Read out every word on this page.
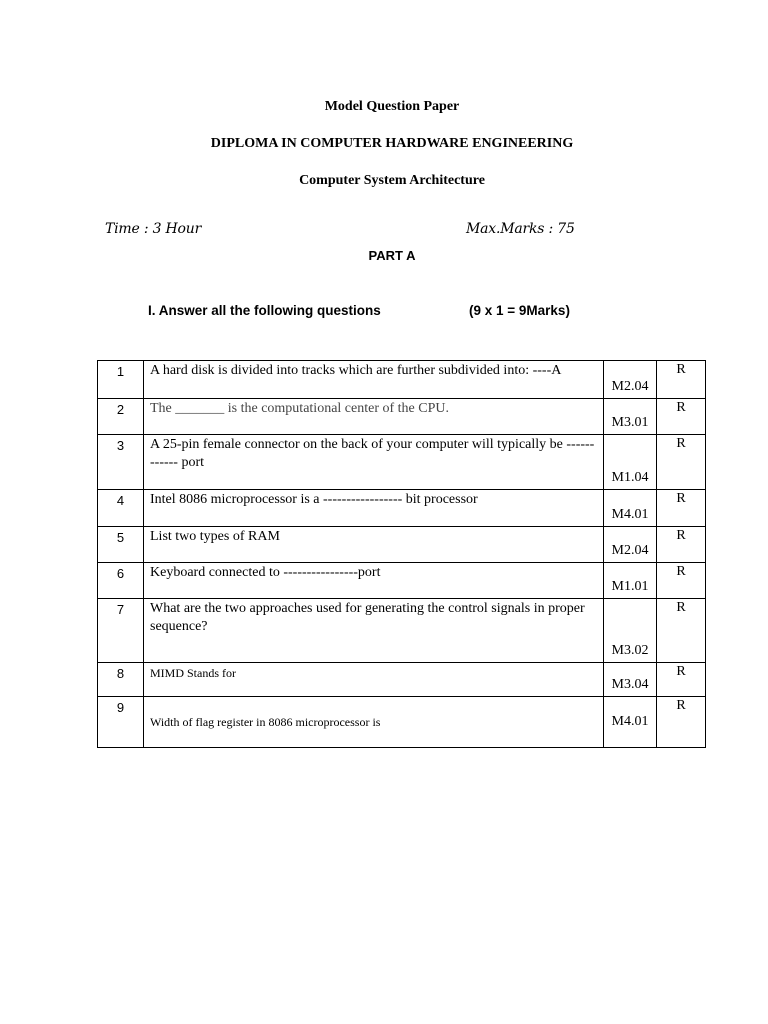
Model Question Paper
DIPLOMA IN COMPUTER HARDWARE ENGINEERING
Computer System Architecture
Time : 3 Hour	Max.Marks : 75
PART A
I. Answer all the following questions	(9 x 1 = 9Marks)
1	A hard disk is divided into tracks which are further subdivided into: ----A	M2.04	R
2	The _______ is the computational center of the CPU.	M3.01	R
3	A 25-pin female connector on the back of your computer will typically be ------------ port	M1.04	R
4	Intel 8086 microprocessor is a ----------------- bit processor	M4.01	R
5	List two types of RAM	M2.04	R
6	Keyboard connected to ----------------port	M1.01	R
7	What are the two approaches used for generating the control signals in proper sequence?	M3.02	R
8	MIMD Stands for	M3.04	R
9	Width of flag register in 8086 microprocessor is	M4.01	R
